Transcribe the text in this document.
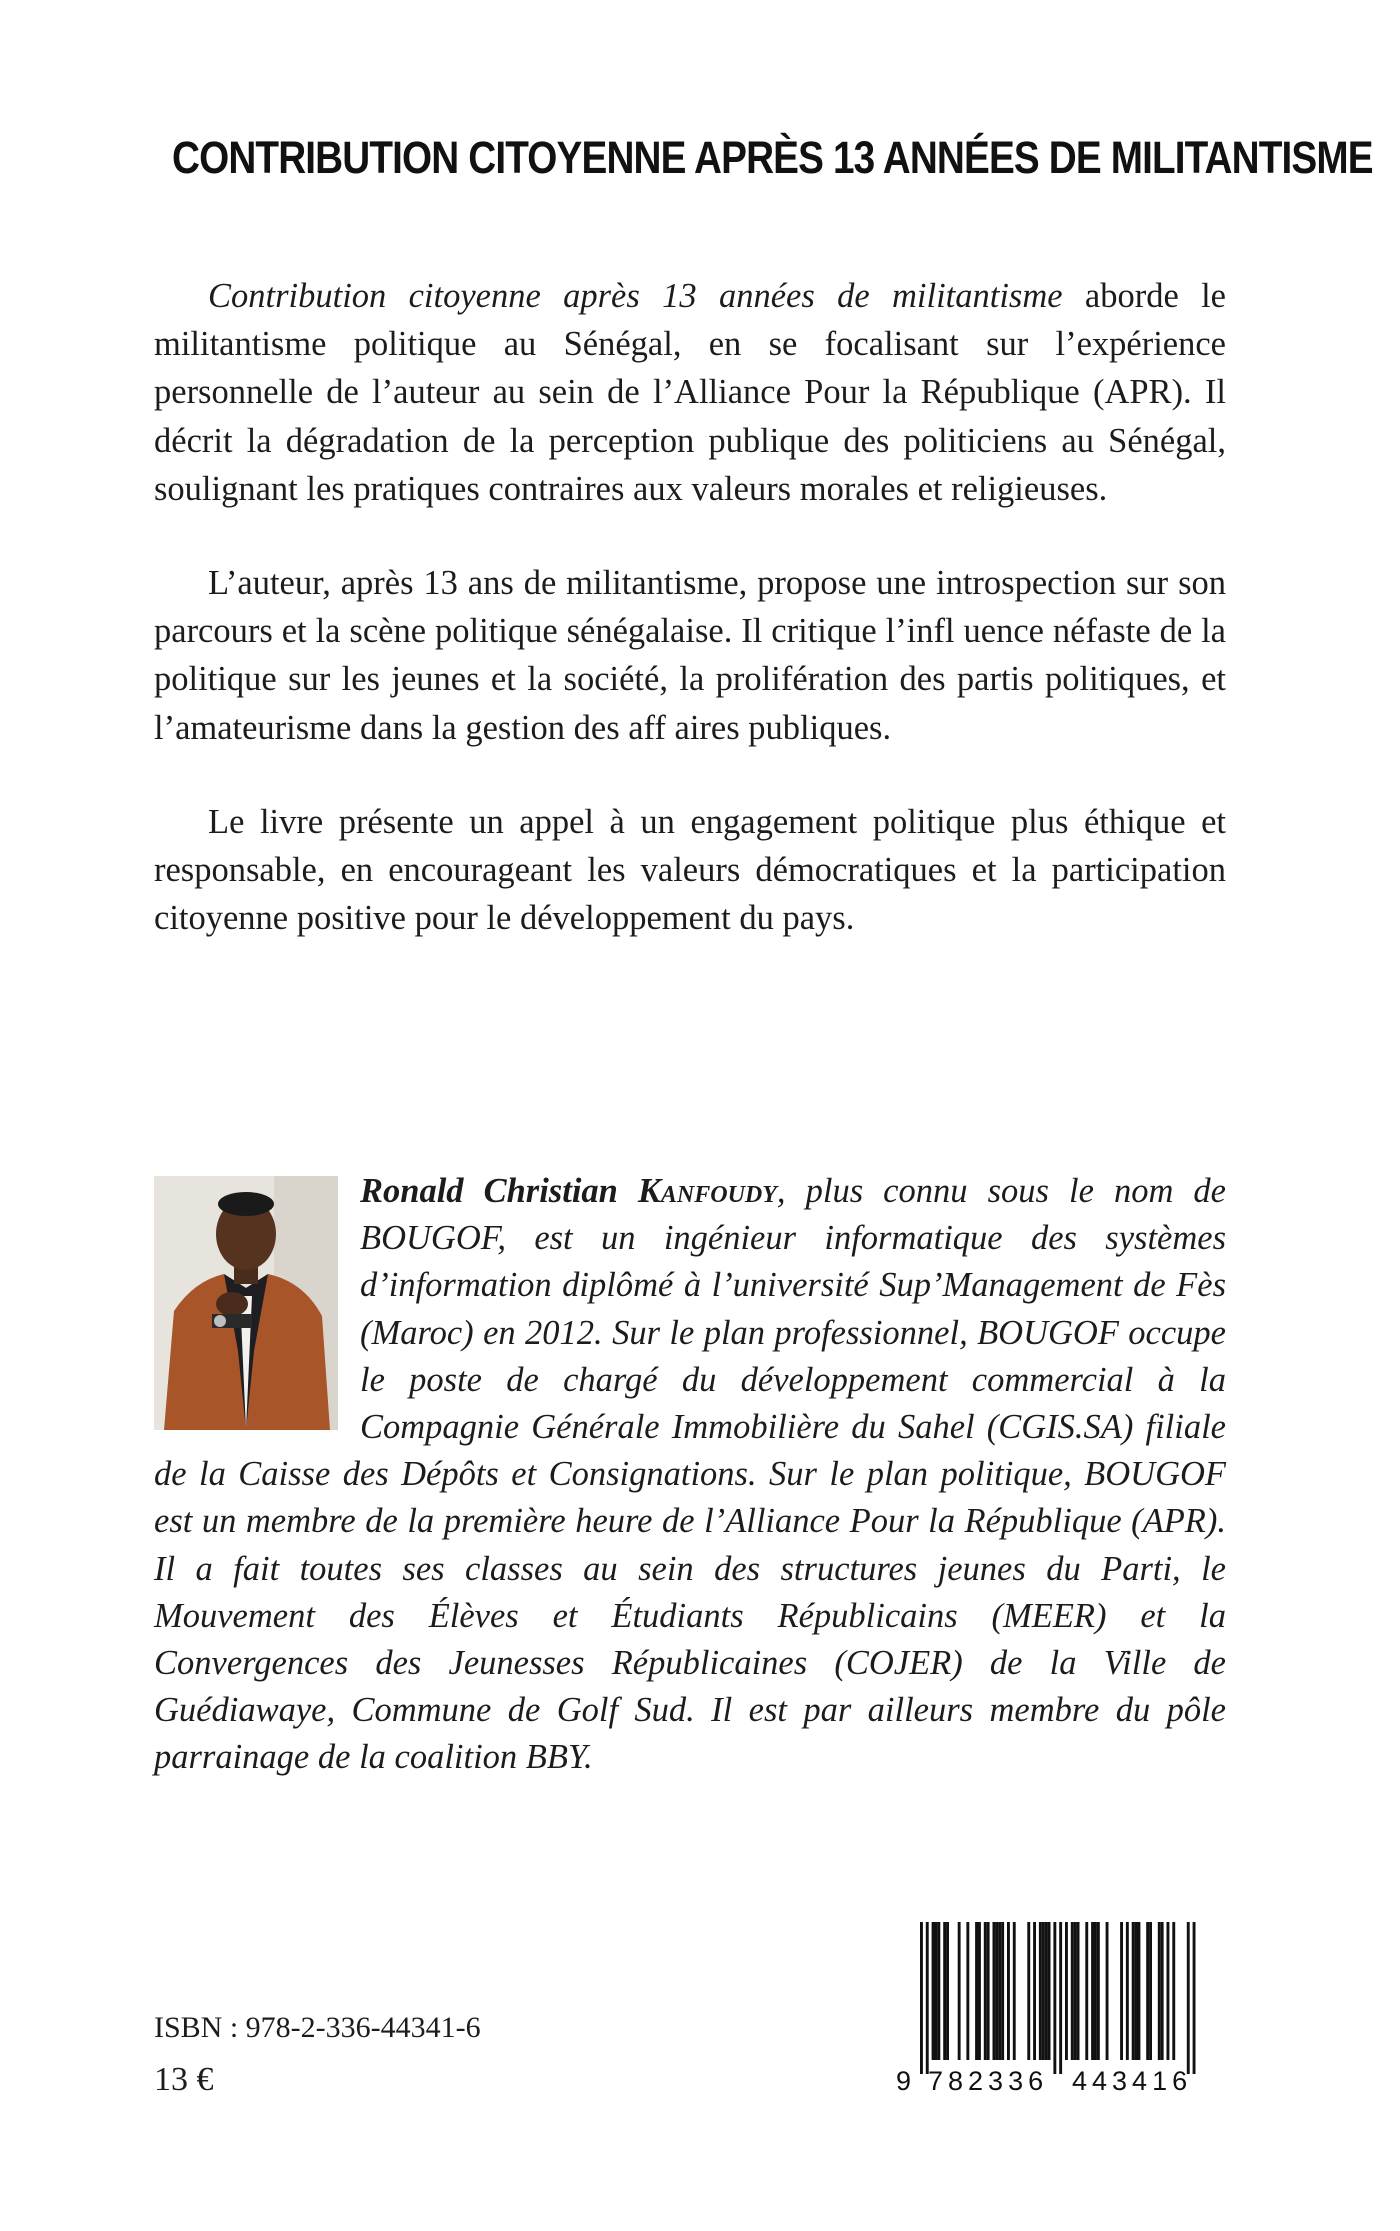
CONTRIBUTION CITOYENNE APRÈS 13 ANNÉES DE MILITANTISME

Contribution citoyenne après 13 années de militantisme aborde le militantisme politique au Sénégal, en se focalisant sur l’expérience personnelle de l’auteur au sein de l’Alliance Pour la République (APR). Il décrit la dégradation de la perception publique des politiciens au Sénégal, soulignant les pratiques contraires aux valeurs morales et religieuses.

L’auteur, après 13 ans de militantisme, propose une introspection sur son parcours et la scène politique sénégalaise. Il critique l’infl uence néfaste de la politique sur les jeunes et la société, la prolifération des partis politiques, et l’amateurisme dans la gestion des aff aires publiques.

Le livre présente un appel à un engagement politique plus éthique et responsable, en encourageant les valeurs démocratiques et la participation citoyenne positive pour le développement du pays.

Ronald Christian Kanfoudy, plus connu sous le nom de BOUGOF, est un ingénieur informatique des systèmes d’information diplômé à l’université Sup’Management de Fès (Maroc) en 2012. Sur le plan professionnel, BOUGOF occupe le poste de chargé du développement commercial à la Compagnie Générale Immobilière du Sahel (CGIS.SA) filiale de la Caisse des Dépôts et Consignations. Sur le plan politique, BOUGOF est un membre de la première heure de l’Alliance Pour la République (APR). Il a fait toutes ses classes au sein des structures jeunes du Parti, le Mouvement des Élèves et Étudiants Républicains (MEER) et la Convergences des Jeunesses Républicaines (COJER) de la Ville de Guédiawaye, Commune de Golf Sud. Il est par ailleurs membre du pôle parrainage de la coalition BBY.
ISBN : 978-2-336-44341-6
13 €	9 782336 443416
